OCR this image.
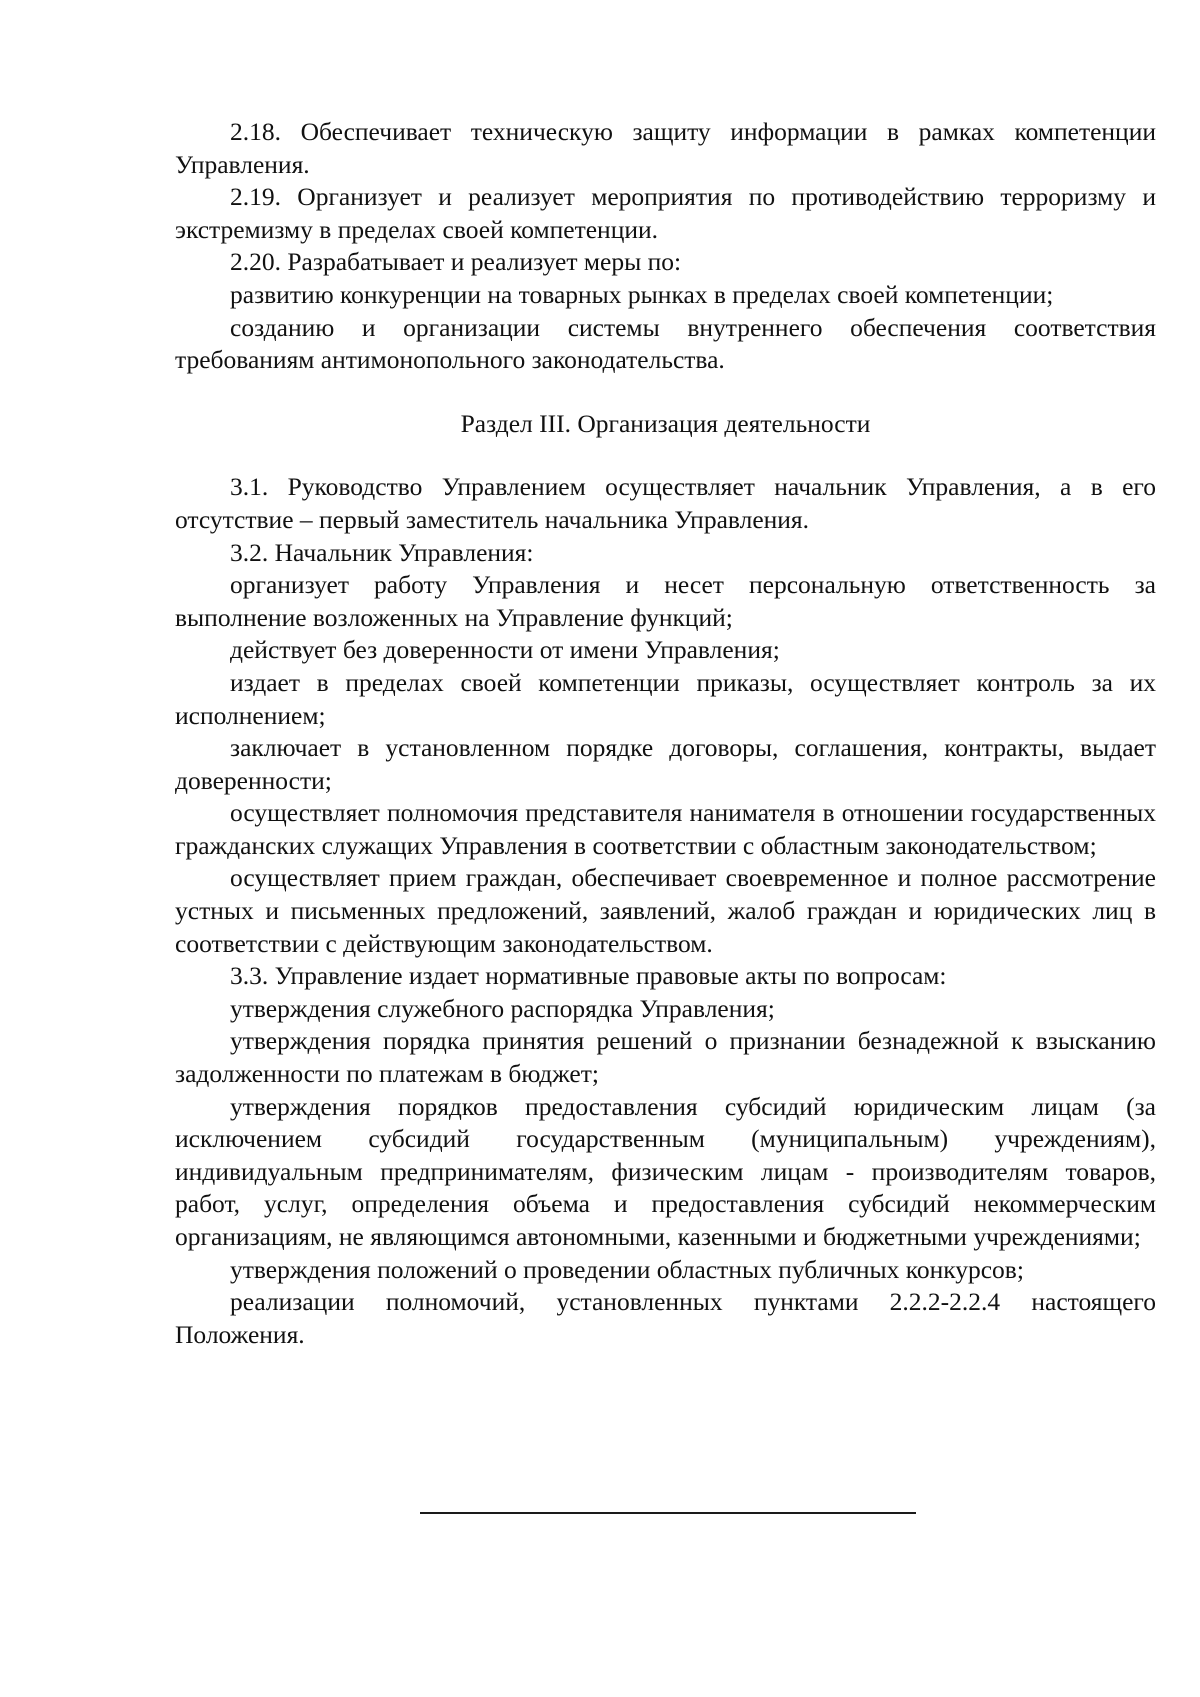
2.18. Обеспечивает техническую защиту информации в рамках компетенции Управления.

2.19. Организует и реализует мероприятия по противодействию терроризму и экстремизму в пределах своей компетенции.

2.20. Разрабатывает и реализует меры по:

развитию конкуренции на товарных рынках в пределах своей компетенции;

созданию и организации системы внутреннего обеспечения соответствия требованиям антимонопольного законодательства.

Раздел III. Организация деятельности

3.1. Руководство Управлением осуществляет начальник Управления, а в его отсутствие – первый заместитель начальника Управления.

3.2. Начальник Управления:

организует работу Управления и несет персональную ответственность за выполнение возложенных на Управление функций;

действует без доверенности от имени Управления;

издает в пределах своей компетенции приказы, осуществляет контроль за их исполнением;

заключает в установленном порядке договоры, соглашения, контракты, выдает доверенности;

осуществляет полномочия представителя нанимателя в отношении государственных гражданских служащих Управления в соответствии с областным законодательством;

осуществляет прием граждан, обеспечивает своевременное и полное рассмотрение устных и письменных предложений, заявлений, жалоб граждан и юридических лиц в соответствии с действующим законодательством.

3.3. Управление издает нормативные правовые акты по вопросам:

утверждения служебного распорядка Управления;

утверждения порядка принятия решений о признании безнадежной к взысканию задолженности по платежам в бюджет;

утверждения порядков предоставления субсидий юридическим лицам (за исключением субсидий государственным (муниципальным) учреждениям), индивидуальным предпринимателям, физическим лицам - производителям товаров, работ, услуг, определения объема и предоставления субсидий некоммерческим организациям, не являющимся автономными, казенными и бюджетными учреждениями;

утверждения положений о проведении областных публичных конкурсов;

реализации полномочий, установленных пунктами 2.2.2-2.2.4 настоящего Положения.
